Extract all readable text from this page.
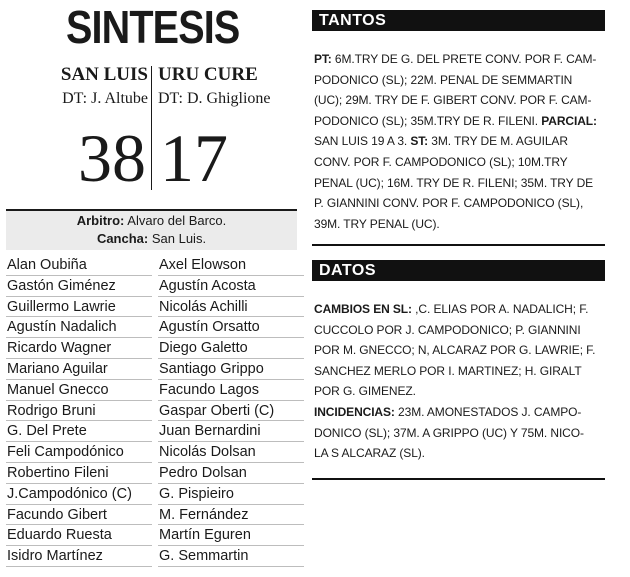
SINTESIS
SAN LUIS URU CURE
DT: J. Altube DT: D. Ghiglione
38 17
Arbitro: Alvaro del Barco.
Cancha: San Luis.
Alan Oubiña
Gastón Giménez
Guillermo Lawrie
Agustín Nadalich
Ricardo Wagner
Mariano Aguilar
Manuel Gnecco
Rodrigo Bruni
G. Del Prete
Feli Campodónico
Robertino Fileni
J.Campodónico (C)
Facundo Gibert
Eduardo Ruesta
Isidro Martínez
Axel Elowson
Agustín Acosta
Nicolás Achilli
Agustín Orsatto
Diego Galetto
Santiago Grippo
Facundo Lagos
Gaspar Oberti (C)
Juan Bernardini
Nicolás Dolsan
Pedro Dolsan
G. Pispieiro
M. Fernández
Martín Eguren
G. Semmartin
TANTOS
PT: 6M.TRY DE G. DEL PRETE CONV. POR F. CAM-
PODONICO (SL); 22M. PENAL DE SEMMARTIN
(UC); 29M. TRY DE F. GIBERT CONV. POR F. CAM-
PODONICO (SL); 35M.TRY DE R. FILENI. PARCIAL:
SAN LUIS 19 A 3. ST: 3M. TRY DE M. AGUILAR
CONV. POR F. CAMPODONICO (SL); 10M.TRY
PENAL (UC); 16M. TRY DE R. FILENI; 35M. TRY DE
P. GIANNINI CONV. POR F. CAMPODONICO (SL),
39M. TRY PENAL (UC).
DATOS
CAMBIOS EN SL: ,C. ELIAS POR A. NADALICH; F.
CUCCOLO POR J. CAMPODONICO; P. GIANNINI
POR M. GNECCO; N, ALCARAZ POR G. LAWRIE; F.
SANCHEZ MERLO POR I. MARTINEZ; H. GIRALT
POR G. GIMENEZ.
INCIDENCIAS: 23M. AMONESTADOS J. CAMPO-
DONICO (SL); 37M. A GRIPPO (UC) Y 75M. NICO-
LA S ALCARAZ (SL).
